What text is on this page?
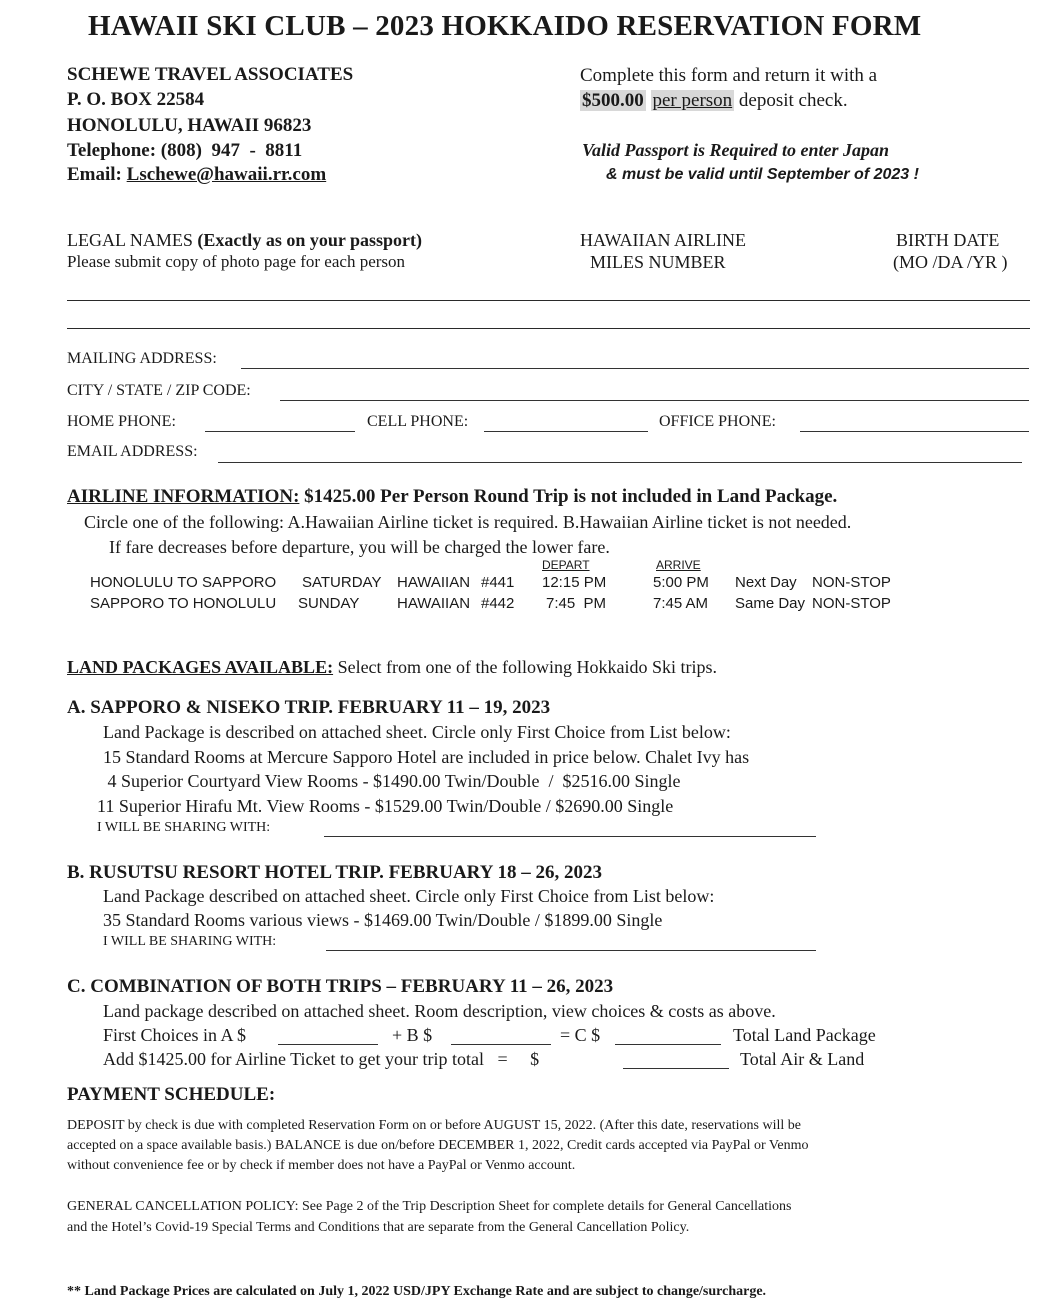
HAWAII SKI CLUB – 2023 HOKKAIDO RESERVATION FORM
SCHEWE TRAVEL ASSOCIATES
P. O. BOX 22584
HONOLULU, HAWAII 96823
Telephone: (808)  947  -  8811
Email: Lschewe@hawaii.rr.com
Complete this form and return it with a
$500.00 per person deposit check.
Valid Passport is Required to enter Japan
& must be valid until September of 2023 !
LEGAL NAMES (Exactly as on your passport)
Please submit copy of photo page for each person
HAWAIIAN AIRLINE
MILES NUMBER
BIRTH DATE
(MO /DA /YR )
MAILING ADDRESS:
CITY / STATE / ZIP CODE:
HOME PHONE:	CELL PHONE:	OFFICE PHONE:
EMAIL ADDRESS:
AIRLINE INFORMATION: $1425.00 Per Person Round Trip is not included in Land Package.
Circle one of the following: A.Hawaiian Airline ticket is required. B.Hawaiian Airline ticket is not needed.
If fare decreases before departure, you will be charged the lower fare.
DEPART	ARRIVE
HONOLULU TO SAPPORO SATURDAY HAWAIIAN #441 12:15 PM	5:00 PM Next Day NON-STOP
SAPPORO TO HONOLULU SUNDAY	HAWAIIAN #442 7:45  PM	7:45 AM Same Day NON-STOP
LAND PACKAGES AVAILABLE: Select from one of the following Hokkaido Ski trips.
A. SAPPORO & NISEKO TRIP. FEBRUARY 11 – 19, 2023
Land Package is described on attached sheet. Circle only First Choice from List below:
15 Standard Rooms at Mercure Sapporo Hotel are included in price below. Chalet Ivy has
4 Superior Courtyard View Rooms - $1490.00 Twin/Double  /  $2516.00 Single
11 Superior Hirafu Mt. View Rooms - $1529.00 Twin/Double / $2690.00 Single
I WILL BE SHARING WITH:
B. RUSUTSU RESORT HOTEL TRIP. FEBRUARY 18 – 26, 2023
Land Package described on attached sheet. Circle only First Choice from List below:
35 Standard Rooms various views - $1469.00 Twin/Double / $1899.00 Single
I WILL BE SHARING WITH:
C. COMBINATION OF BOTH TRIPS – FEBRUARY 11 – 26, 2023
Land package described on attached sheet. Room description, view choices & costs as above.
First Choices in A $	+ B $	= C $	Total Land Package
Add $1425.00 for Airline Ticket to get your trip total   =     $	Total Air & Land
PAYMENT SCHEDULE:
DEPOSIT by check is due with completed Reservation Form on or before AUGUST 15, 2022. (After this date, reservations will be
accepted on a space available basis.) BALANCE is due on/before DECEMBER 1, 2022, Credit cards accepted via PayPal or Venmo
without convenience fee or by check if member does not have a PayPal or Venmo account.
GENERAL CANCELLATION POLICY: See Page 2 of the Trip Description Sheet for complete details for General Cancellations
and the Hotel’s Covid-19 Special Terms and Conditions that are separate from the General Cancellation Policy.
** Land Package Prices are calculated on July 1, 2022 USD/JPY Exchange Rate and are subject to change/surcharge.
